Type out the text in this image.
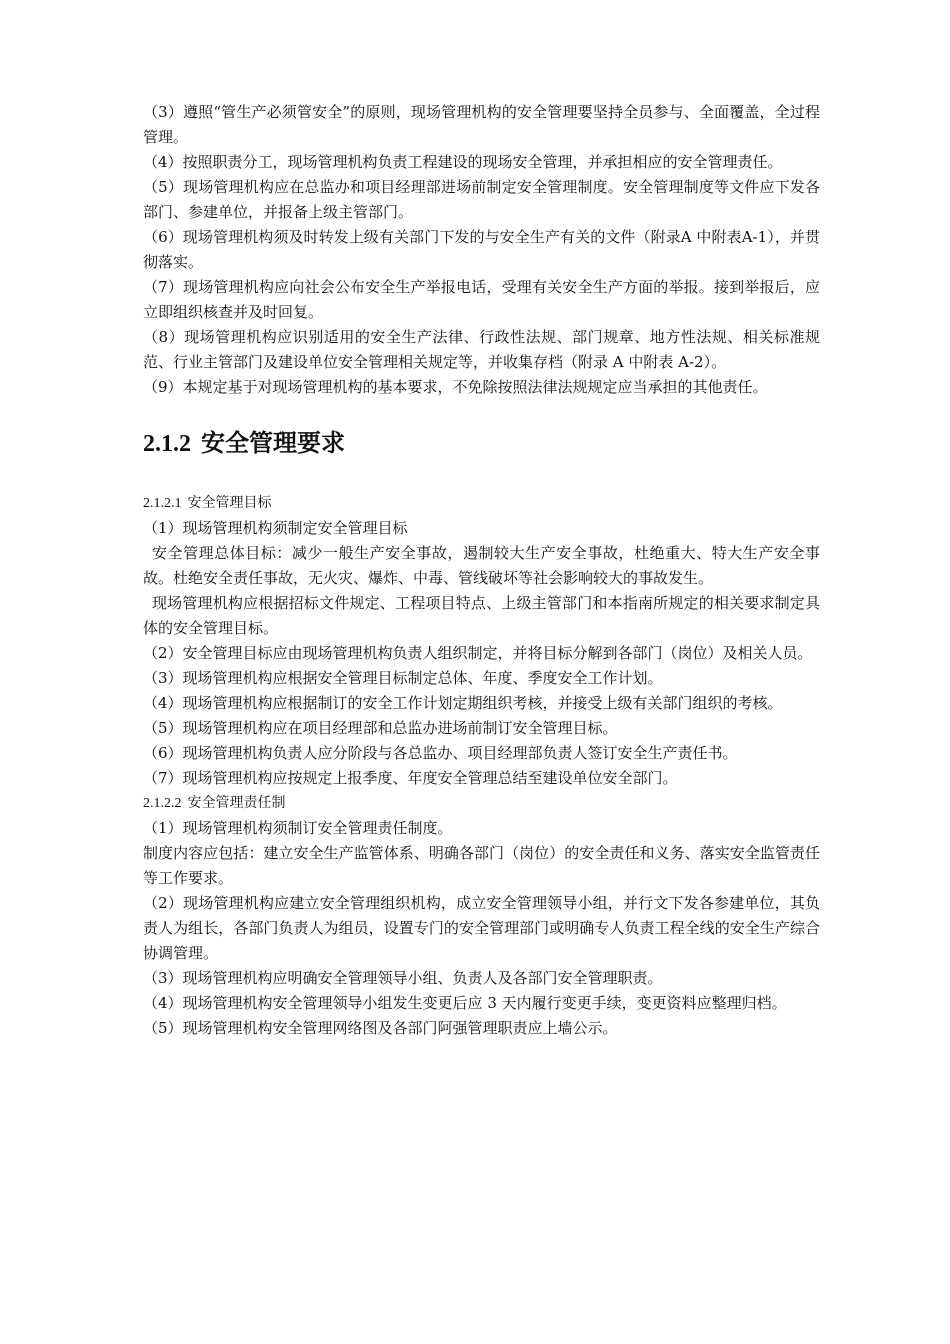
（3）遵照“管生产必须管安全”的原则，现场管理机构的安全管理要坚持全员参与、全面覆盖，全过程管理。

（4）按照职责分工，现场管理机构负责工程建设的现场安全管理，并承担相应的安全管理责任。

（5）现场管理机构应在总监办和项目经理部进场前制定安全管理制度。安全管理制度等文件应下发各部门、参建单位，并报备上级主管部门。

（6）现场管理机构须及时转发上级有关部门下发的与安全生产有关的文件（附录A 中附表A-1），并贯彻落实。

（7）现场管理机构应向社会公布安全生产举报电话，受理有关安全生产方面的举报。接到举报后，应立即组织核查并及时回复。

（8）现场管理机构应识别适用的安全生产法律、行政性法规、部门规章、地方性法规、相关标准规范、行业主管部门及建设单位安全管理相关规定等，并收集存档（附录 A 中附表 A-2）。

（9）本规定基于对现场管理机构的基本要求，不免除按照法律法规规定应当承担的其他责任。

2.1.2 安全管理要求

2.1.2.1 安全管理目标

（1）现场管理机构须制定安全管理目标

安全管理总体目标：减少一般生产安全事故，遏制较大生产安全事故，杜绝重大、特大生产安全事故。杜绝安全责任事故，无火灾、爆炸、中毒、管线破坏等社会影响较大的事故发生。

现场管理机构应根据招标文件规定、工程项目特点、上级主管部门和本指南所规定的相关要求制定具体的安全管理目标。

（2）安全管理目标应由现场管理机构负责人组织制定，并将目标分解到各部门（岗位）及相关人员。

（3）现场管理机构应根据安全管理目标制定总体、年度、季度安全工作计划。

（4）现场管理机构应根据制订的安全工作计划定期组织考核，并接受上级有关部门组织的考核。

（5）现场管理机构应在项目经理部和总监办进场前制订安全管理目标。

（6）现场管理机构负责人应分阶段与各总监办、项目经理部负责人签订安全生产责任书。

（7）现场管理机构应按规定上报季度、年度安全管理总结至建设单位安全部门。

2.1.2.2 安全管理责任制

（1）现场管理机构须制订安全管理责任制度。

制度内容应包括：建立安全生产监管体系、明确各部门（岗位）的安全责任和义务、落实安全监管责任等工作要求。

（2）现场管理机构应建立安全管理组织机构，成立安全管理领导小组，并行文下发各参建单位，其负责人为组长，各部门负责人为组员，设置专门的安全管理部门或明确专人负责工程全线的安全生产综合协调管理。

（3）现场管理机构应明确安全管理领导小组、负责人及各部门安全管理职责。

（4）现场管理机构安全管理领导小组发生变更后应 3 天内履行变更手续，变更资料应整理归档。

（5）现场管理机构安全管理网络图及各部门阿强管理职责应上墙公示。
